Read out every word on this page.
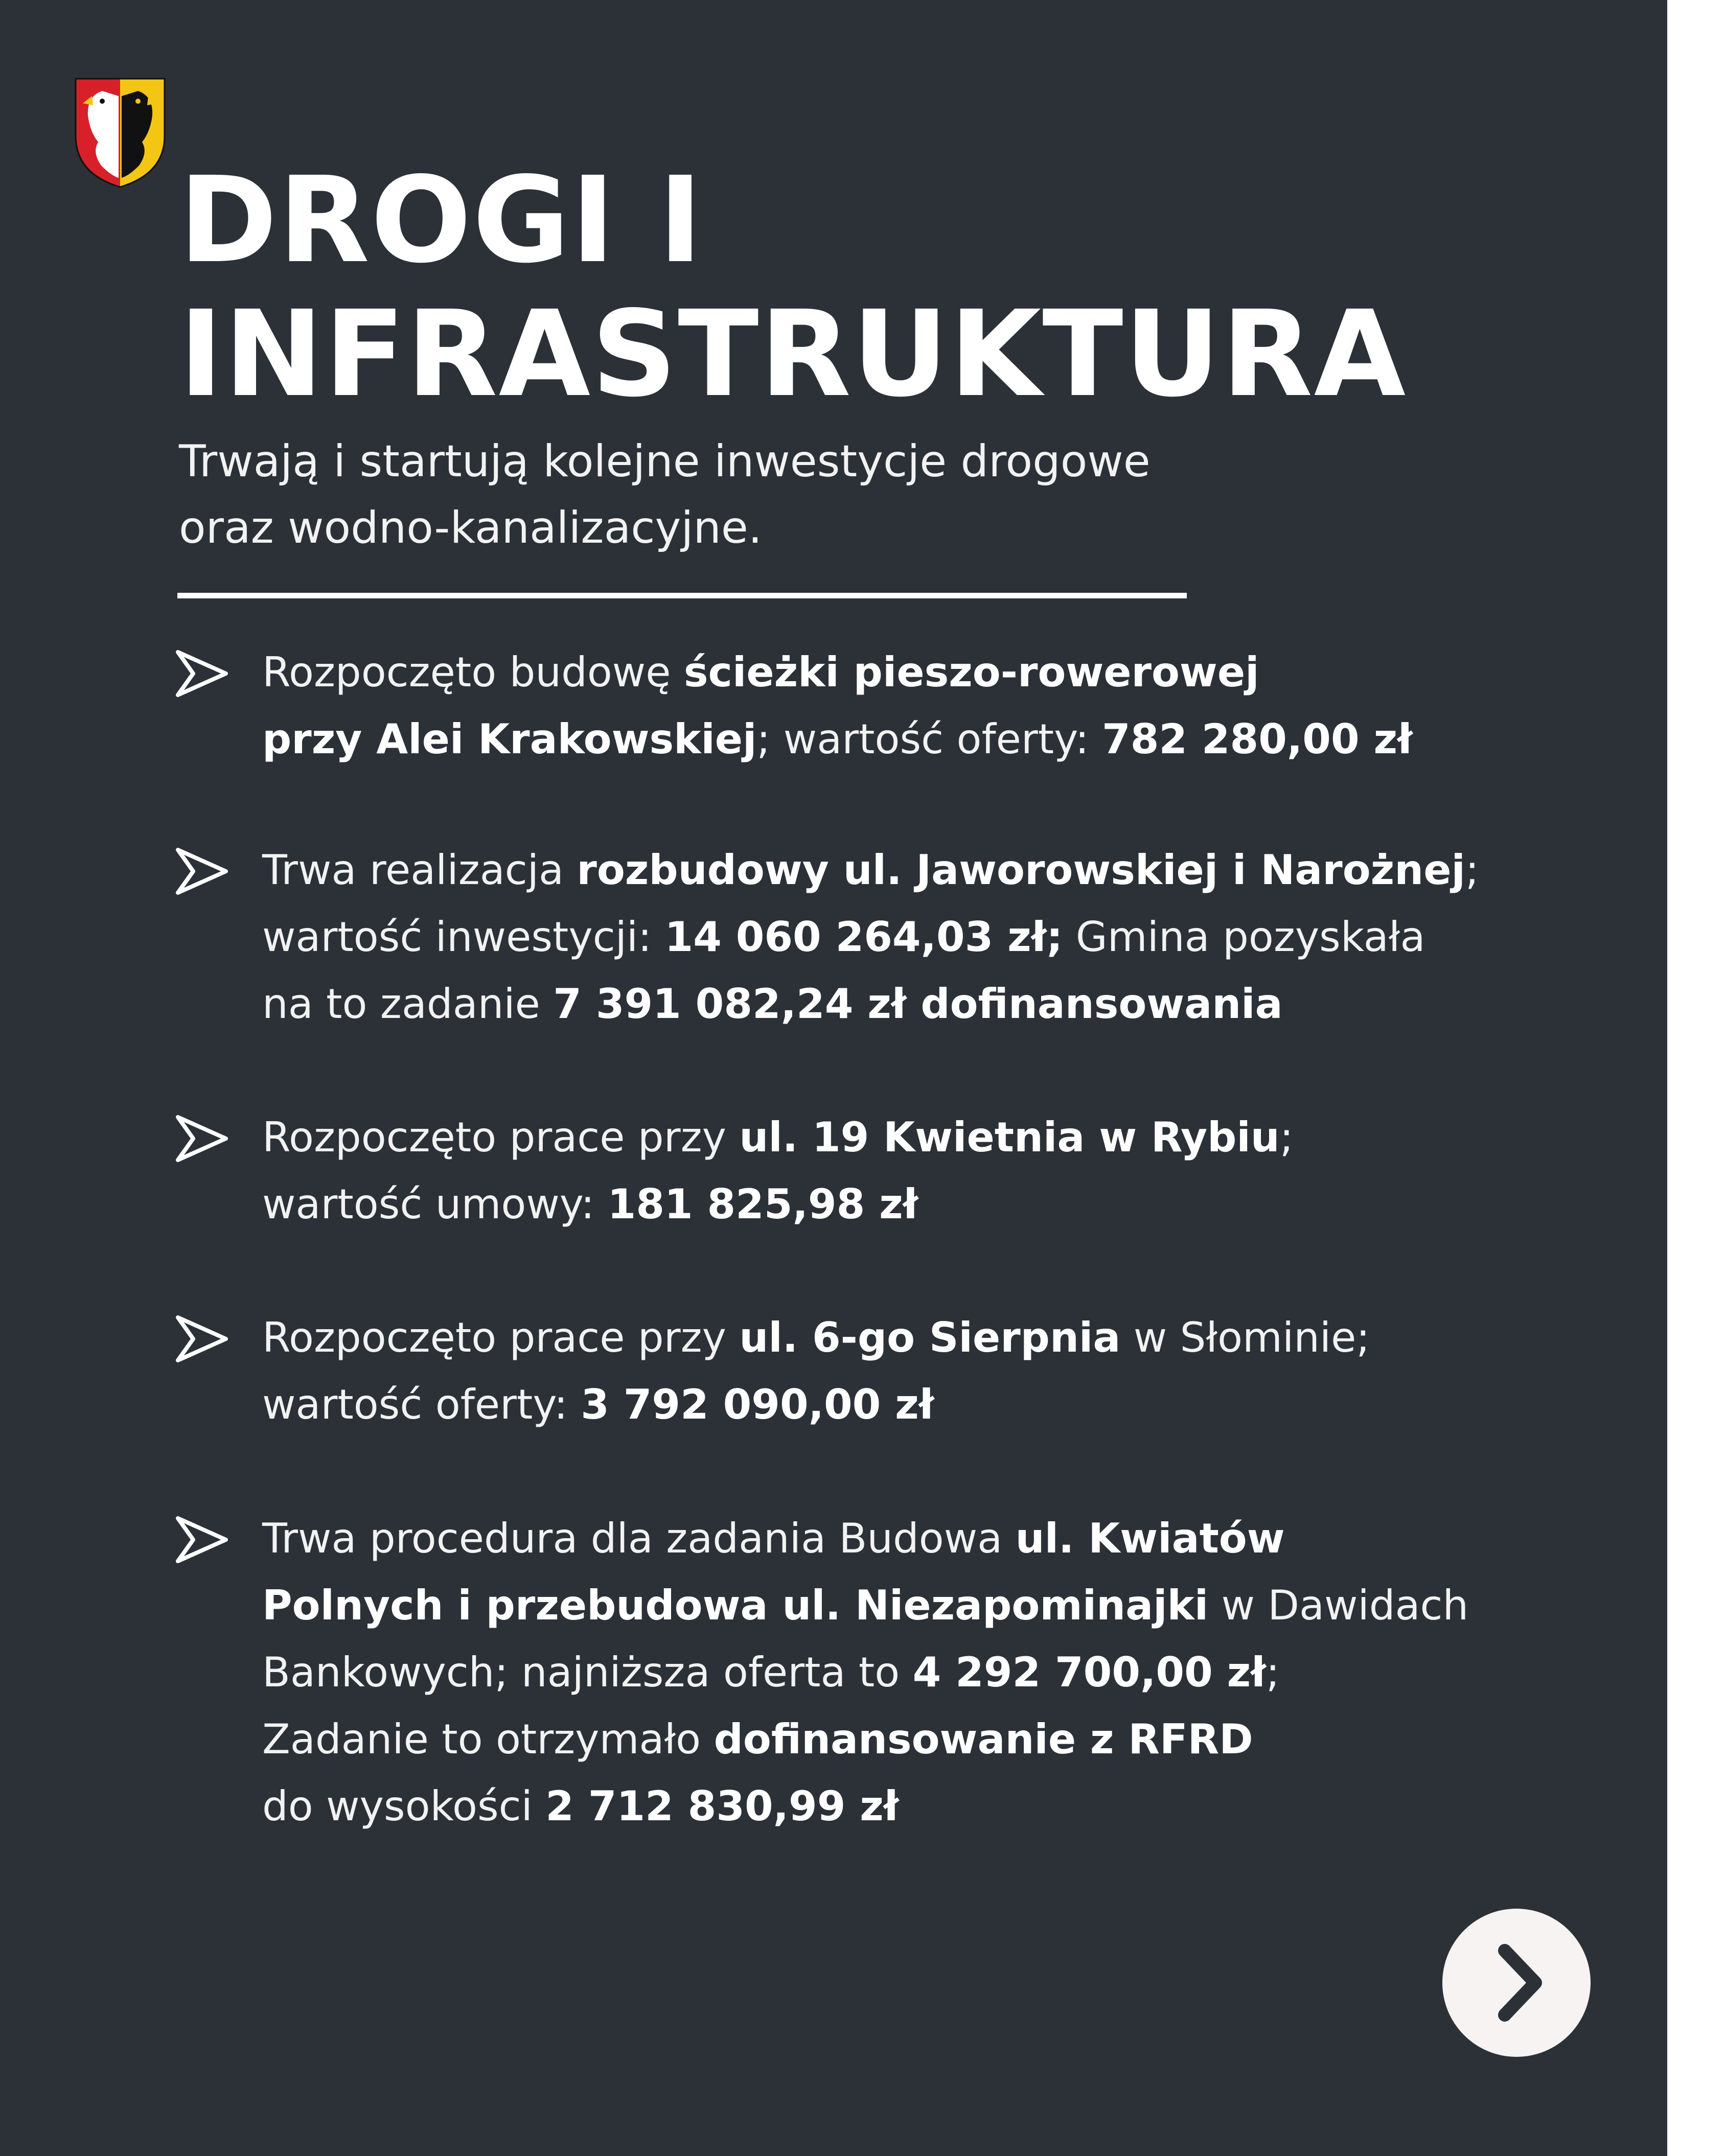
DROGI I
INFRASTRUKTURA

Trwają i startują kolejne inwestycje drogowe
oraz wodno-kanalizacyjne.

Rozpoczęto budowę ścieżki pieszo-rowerowej
przy Alei Krakowskiej; wartość oferty: 782 280,00 zł

Trwa realizacja rozbudowy ul. Jaworowskiej i Narożnej;
wartość inwestycji: 14 060 264,03 zł; Gmina pozyskała
na to zadanie 7 391 082,24 zł dofinansowania

Rozpoczęto prace przy ul. 19 Kwietnia w Rybiu;
wartość umowy: 181 825,98 zł

Rozpoczęto prace przy ul. 6-go Sierpnia w Słominie;
wartość oferty: 3 792 090,00 zł

Trwa procedura dla zadania Budowa ul. Kwiatów
Polnych i przebudowa ul. Niezapominajki w Dawidach
Bankowych; najniższa oferta to 4 292 700,00 zł;
Zadanie to otrzymało dofinansowanie z RFRD
do wysokości 2 712 830,99 zł
